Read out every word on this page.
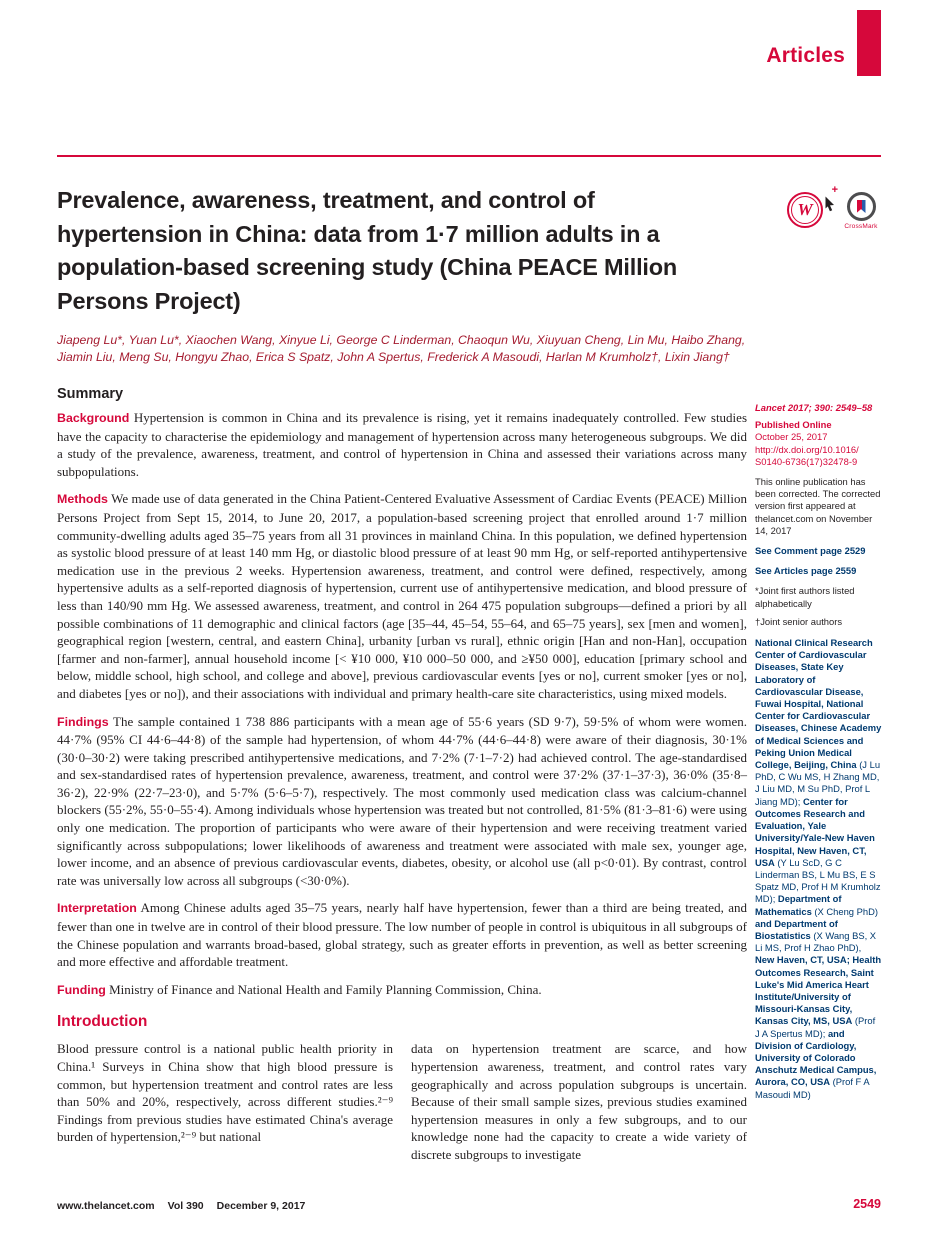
Articles
Prevalence, awareness, treatment, and control of hypertension in China: data from 1·7 million adults in a population-based screening study (China PEACE Million Persons Project)
W
+
CrossMark

Jiapeng Lu*, Yuan Lu*, Xiaochen Wang, Xinyue Li, George C Linderman, Chaoqun Wu, Xiuyuan Cheng, Lin Mu, Haibo Zhang, Jiamin Liu, Meng Su, Hongyu Zhao, Erica S Spatz, John A Spertus, Frederick A Masoudi, Harlan M Krumholz†, Lixin Jiang†

Summary

Background Hypertension is common in China and its prevalence is rising, yet it remains inadequately controlled. Few studies have the capacity to characterise the epidemiology and management of hypertension across many heterogeneous subgroups. We did a study of the prevalence, awareness, treatment, and control of hypertension in China and assessed their variations across many subpopulations.

Methods We made use of data generated in the China Patient-Centered Evaluative Assessment of Cardiac Events (PEACE) Million Persons Project from Sept 15, 2014, to June 20, 2017, a population-based screening project that enrolled around 1·7 million community-dwelling adults aged 35–75 years from all 31 provinces in mainland China. In this population, we defined hypertension as systolic blood pressure of at least 140 mm Hg, or diastolic blood pressure of at least 90 mm Hg, or self-reported antihypertensive medication use in the previous 2 weeks. Hypertension awareness, treatment, and control were defined, respectively, among hypertensive adults as a self-reported diagnosis of hypertension, current use of antihypertensive medication, and blood pressure of less than 140/90 mm Hg. We assessed awareness, treatment, and control in 264 475 population subgroups—defined a priori by all possible combinations of 11 demographic and clinical factors (age [35–44, 45–54, 55–64, and 65–75 years], sex [men and women], geographical region [western, central, and eastern China], urbanity [urban vs rural], ethnic origin [Han and non-Han], occupation [farmer and non-farmer], annual household income [< ¥10 000, ¥10 000–50 000, and ≥¥50 000], education [primary school and below, middle school, high school, and college and above], previous cardiovascular events [yes or no], current smoker [yes or no], and diabetes [yes or no]), and their associations with individual and primary health-care site characteristics, using mixed models.

Findings The sample contained 1 738 886 participants with a mean age of 55·6 years (SD 9·7), 59·5% of whom were women. 44·7% (95% CI 44·6–44·8) of the sample had hypertension, of whom 44·7% (44·6–44·8) were aware of their diagnosis, 30·1% (30·0–30·2) were taking prescribed antihypertensive medications, and 7·2% (7·1–7·2) had achieved control. The age-standardised and sex-standardised rates of hypertension prevalence, awareness, treatment, and control were 37·2% (37·1–37·3), 36·0% (35·8–36·2), 22·9% (22·7–23·0), and 5·7% (5·6–5·7), respectively. The most commonly used medication class was calcium-channel blockers (55·2%, 55·0–55·4). Among individuals whose hypertension was treated but not controlled, 81·5% (81·3–81·6) were using only one medication. The proportion of participants who were aware of their hypertension and were receiving treatment varied significantly across subpopulations; lower likelihoods of awareness and treatment were associated with male sex, younger age, lower income, and an absence of previous cardiovascular events, diabetes, obesity, or alcohol use (all p<0·01). By contrast, control rate was universally low across all subgroups (<30·0%).

Interpretation Among Chinese adults aged 35–75 years, nearly half have hypertension, fewer than a third are being treated, and fewer than one in twelve are in control of their blood pressure. The low number of people in control is ubiquitous in all subgroups of the Chinese population and warrants broad-based, global strategy, such as greater efforts in prevention, as well as better screening and more effective and affordable treatment.

Funding Ministry of Finance and National Health and Family Planning Commission, China.

Introduction

Blood pressure control is a national public health priority in China.¹ Surveys in China show that high blood pressure is common, but hypertension treatment and control rates are less than 50% and 20%, respectively, across different studies.²⁻⁹ Findings from previous studies have estimated China's average burden of hypertension,²⁻⁹ but national

data on hypertension treatment are scarce, and how hypertension awareness, treatment, and control rates vary geographically and across population subgroups is uncertain. Because of their small sample sizes, previous studies examined hypertension measures in only a few subgroups, and to our knowledge none had the capacity to create a wide variety of discrete subgroups to investigate

Lancet 2017; 390: 2549–58
Published Online
October 25, 2017
http://dx.doi.org/10.1016/
S0140-6736(17)32478-9
This online publication has been corrected. The corrected version first appeared at thelancet.com on November 14, 2017
See Comment page 2529
See Articles page 2559
*Joint first authors listed alphabetically
†Joint senior authors

National Clinical Research Center of Cardiovascular Diseases, State Key Laboratory of Cardiovascular Disease, Fuwai Hospital, National Center for Cardiovascular Diseases, Chinese Academy of Medical Sciences and Peking Union Medical College, Beijing, China (J Lu PhD, C Wu MS, H Zhang MD, J Liu MD, M Su PhD, Prof L Jiang MD); Center for Outcomes Research and Evaluation, Yale University/Yale-New Haven Hospital, New Haven, CT, USA (Y Lu ScD, G C Linderman BS, L Mu BS, E S Spatz MD, Prof H M Krumholz MD); Department of Mathematics (X Cheng PhD) and Department of Biostatistics (X Wang BS, X Li MS, Prof H Zhao PhD), New Haven, CT, USA; Health Outcomes Research, Saint Luke's Mid America Heart Institute/University of Missouri-Kansas City, Kansas City, MS, USA (Prof J A Spertus MD); and Division of Cardiology, University of Colorado Anschutz Medical Campus, Aurora, CO, USA (Prof F A Masoudi MD)

www.thelancet.com Vol 390 December 9, 2017	2549
